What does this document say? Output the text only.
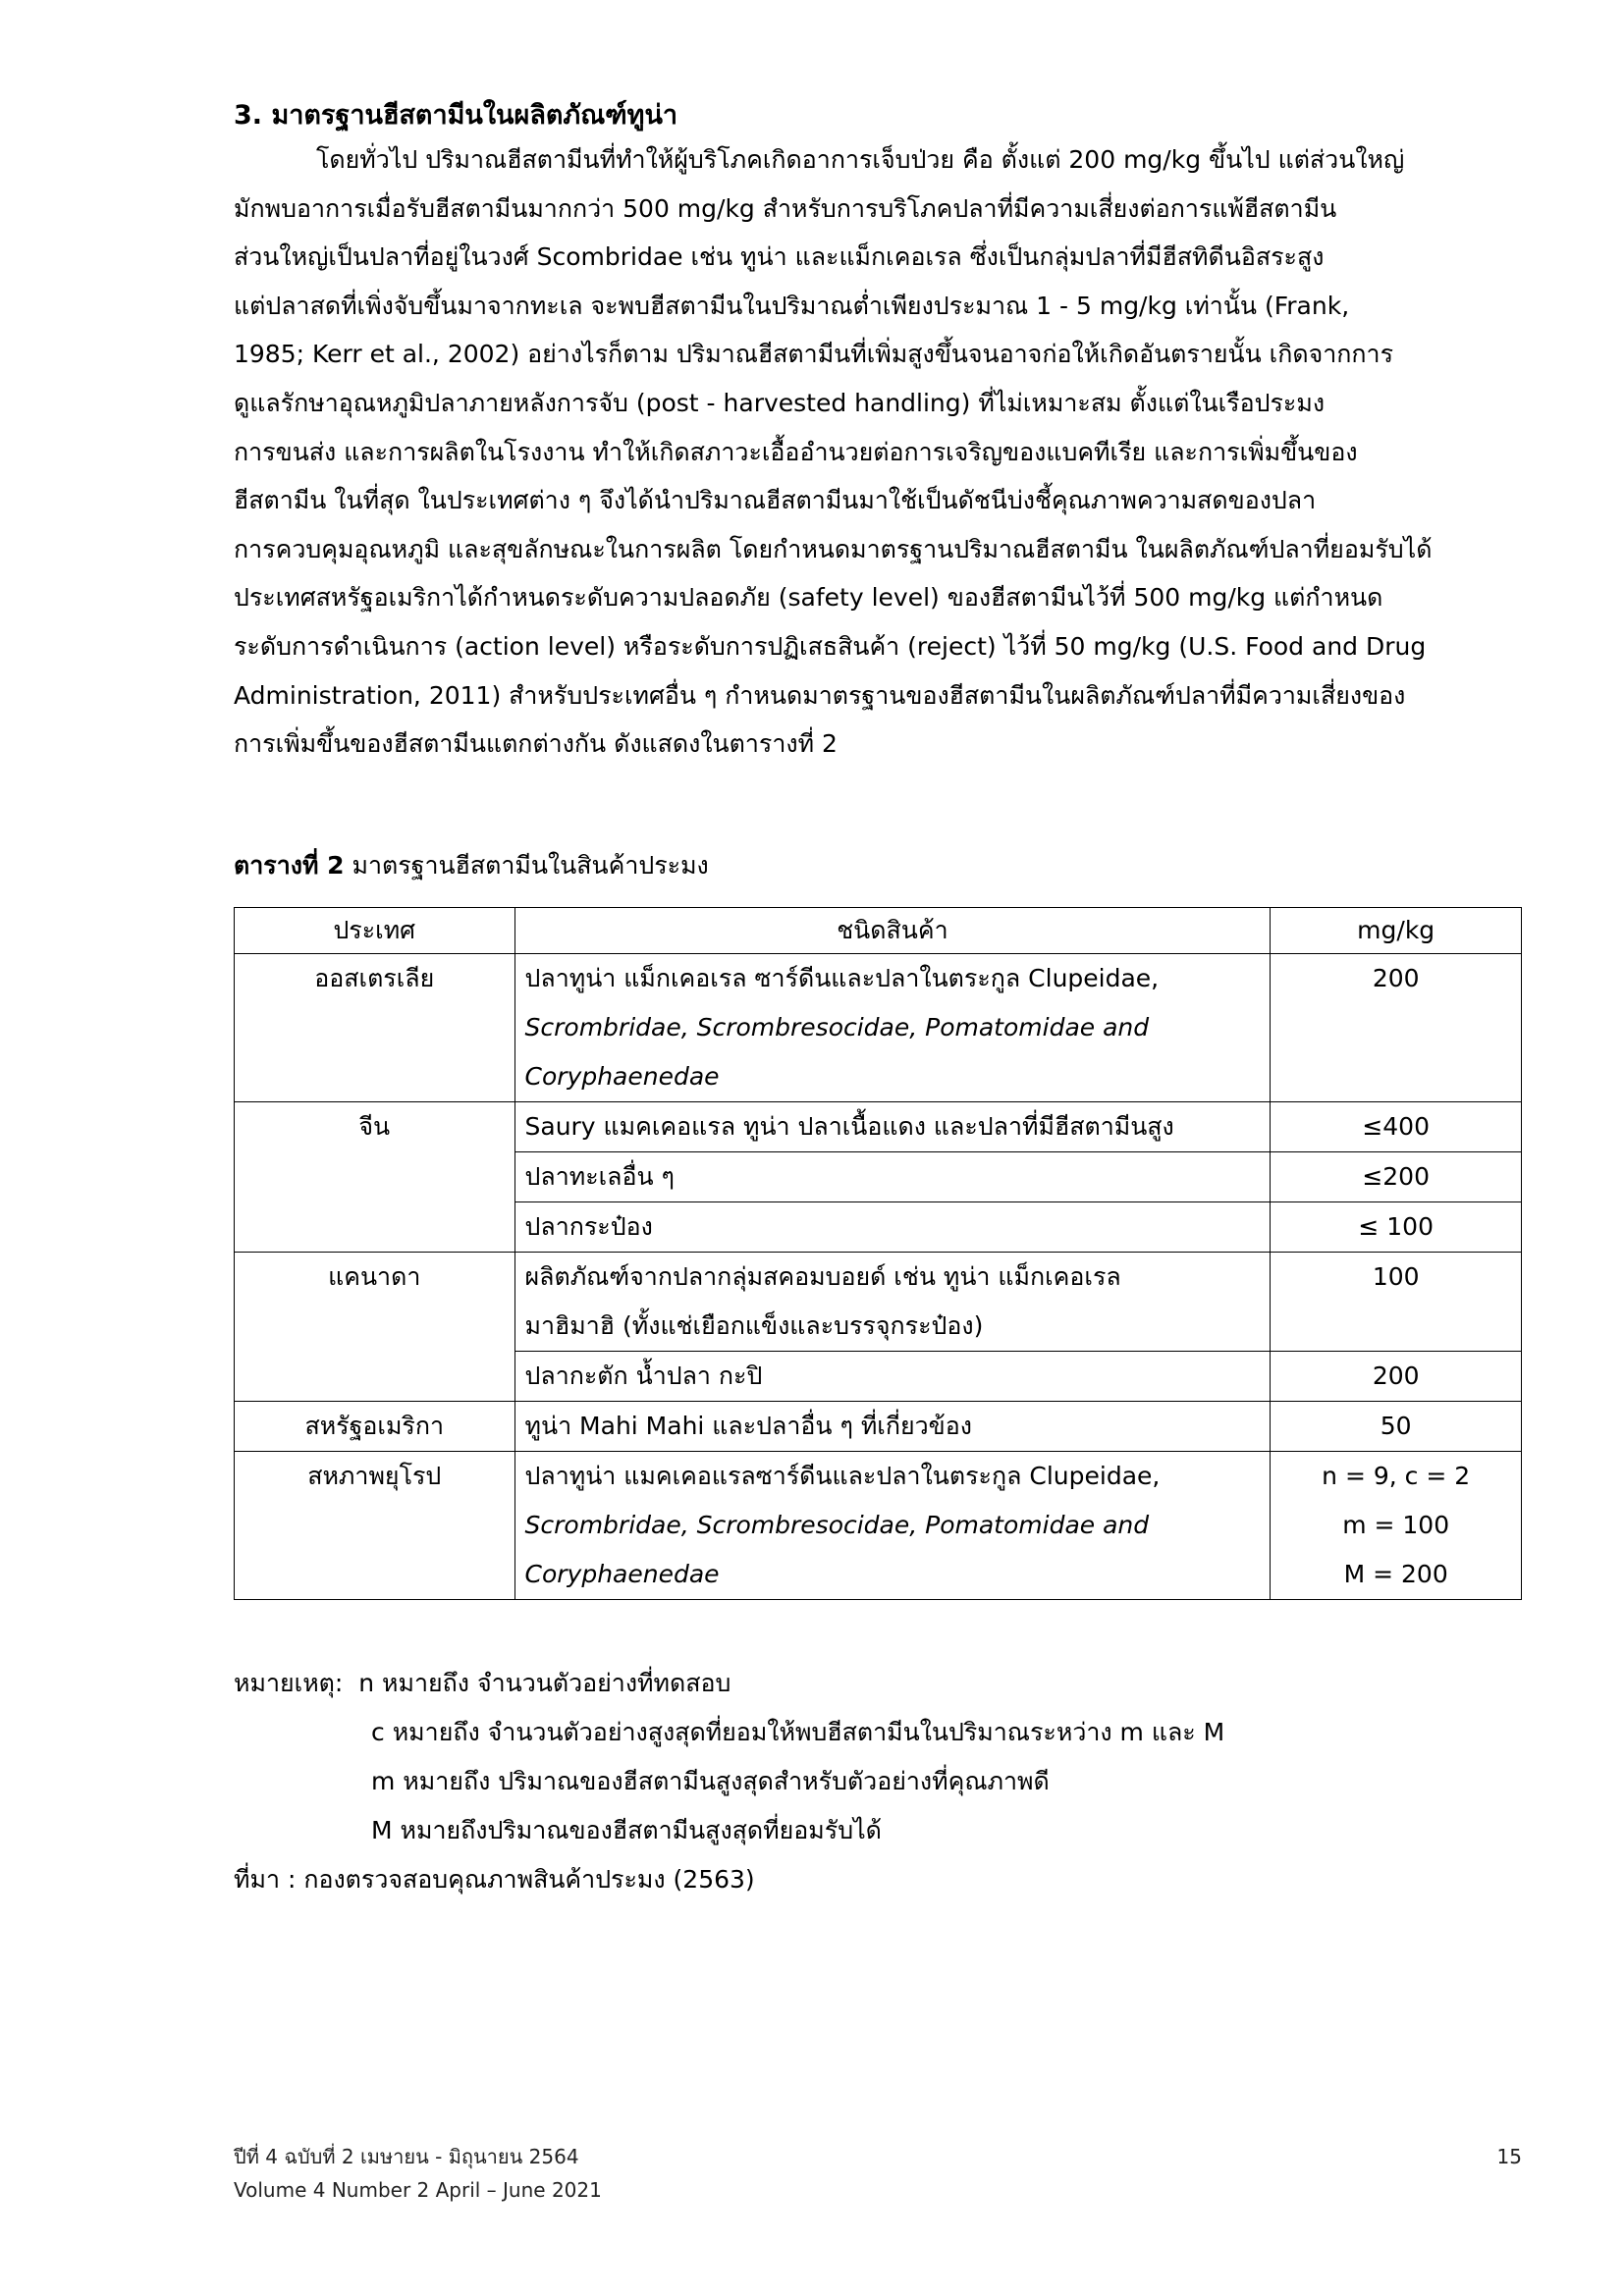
3. มาตรฐานฮีสตามีนในผลิตภัณฑ์ทูน่า
โดยทั่วไป ปริมาณฮีสตามีนที่ทำให้ผู้บริโภคเกิดอาการเจ็บป่วย คือ ตั้งแต่ 200 mg/kg ขึ้นไป แต่ส่วนใหญ่
มักพบอาการเมื่อรับฮีสตามีนมากกว่า 500 mg/kg สำหรับการบริโภคปลาที่มีความเสี่ยงต่อการแพ้ฮีสตามีน
ส่วนใหญ่เป็นปลาที่อยู่ในวงศ์ Scombridae เช่น ทูน่า และแม็กเคอเรล ซึ่งเป็นกลุ่มปลาที่มีฮีสทิดีนอิสระสูง
แต่ปลาสดที่เพิ่งจับขึ้นมาจากทะเล จะพบฮีสตามีนในปริมาณต่ำเพียงประมาณ 1 - 5 mg/kg เท่านั้น (Frank,
1985; Kerr et al., 2002) อย่างไรก็ตาม ปริมาณฮีสตามีนที่เพิ่มสูงขึ้นจนอาจก่อให้เกิดอันตรายนั้น เกิดจากการ
ดูแลรักษาอุณหภูมิปลาภายหลังการจับ (post - harvested handling) ที่ไม่เหมาะสม ตั้งแต่ในเรือประมง
การขนส่ง และการผลิตในโรงงาน ทำให้เกิดสภาวะเอื้ออำนวยต่อการเจริญของแบคทีเรีย และการเพิ่มขึ้นของ
ฮีสตามีน ในที่สุด ในประเทศต่าง ๆ จึงได้นำปริมาณฮีสตามีนมาใช้เป็นดัชนีบ่งชี้คุณภาพความสดของปลา
การควบคุมอุณหภูมิ และสุขลักษณะในการผลิต โดยกำหนดมาตรฐานปริมาณฮีสตามีน ในผลิตภัณฑ์ปลาที่ยอมรับได้
ประเทศสหรัฐอเมริกาได้กำหนดระดับความปลอดภัย (safety level) ของฮีสตามีนไว้ที่ 500 mg/kg แต่กำหนด
ระดับการดำเนินการ (action level) หรือระดับการปฏิเสธสินค้า (reject) ไว้ที่ 50 mg/kg (U.S. Food and Drug
Administration, 2011) สำหรับประเทศอื่น ๆ กำหนดมาตรฐานของฮีสตามีนในผลิตภัณฑ์ปลาที่มีความเสี่ยงของ
การเพิ่มขึ้นของฮีสตามีนแตกต่างกัน ดังแสดงในตารางที่ 2
ตารางที่ 2 มาตรฐานฮีสตามีนในสินค้าประมง
ประเทศ	ชนิดสินค้า	mg/kg
ออสเตรเลีย	ปลาทูน่า แม็กเคอเรล ซาร์ดีนและปลาในตระกูล Clupeidae,
Scrombridae, Scrombresocidae, Pomatomidae and
Coryphaenedae	200
จีน	Saury แมคเคอแรล ทูน่า ปลาเนื้อแดง และปลาที่มีฮีสตามีนสูง	≤400
	ปลาทะเลอื่น ๆ	≤200
	ปลากระป๋อง	≤ 100
แคนาดา	ผลิตภัณฑ์จากปลากลุ่มสคอมบอยด์ เช่น ทูน่า แม็กเคอเรล
มาฮิมาฮิ (ทั้งแช่เยือกแข็งและบรรจุกระป๋อง)	100
	ปลากะตัก น้ำปลา กะปิ	200
สหรัฐอเมริกา	ทูน่า Mahi Mahi และปลาอื่น ๆ ที่เกี่ยวข้อง	50
สหภาพยุโรป	ปลาทูน่า แมคเคอแรลซาร์ดีนและปลาในตระกูล Clupeidae,
Scrombridae, Scrombresocidae, Pomatomidae and
Coryphaenedae	n = 9, c = 2
m = 100
M = 200
หมายเหตุ: n หมายถึง จำนวนตัวอย่างที่ทดสอบ
c หมายถึง จำนวนตัวอย่างสูงสุดที่ยอมให้พบฮีสตามีนในปริมาณระหว่าง m และ M
m หมายถึง ปริมาณของฮีสตามีนสูงสุดสำหรับตัวอย่างที่คุณภาพดี
M หมายถึงปริมาณของฮีสตามีนสูงสุดที่ยอมรับได้
ที่มา : กองตรวจสอบคุณภาพสินค้าประมง (2563)
ปีที่ 4 ฉบับที่ 2 เมษายน - มิถุนายน 2564
Volume 4 Number 2 April – June 2021
15
